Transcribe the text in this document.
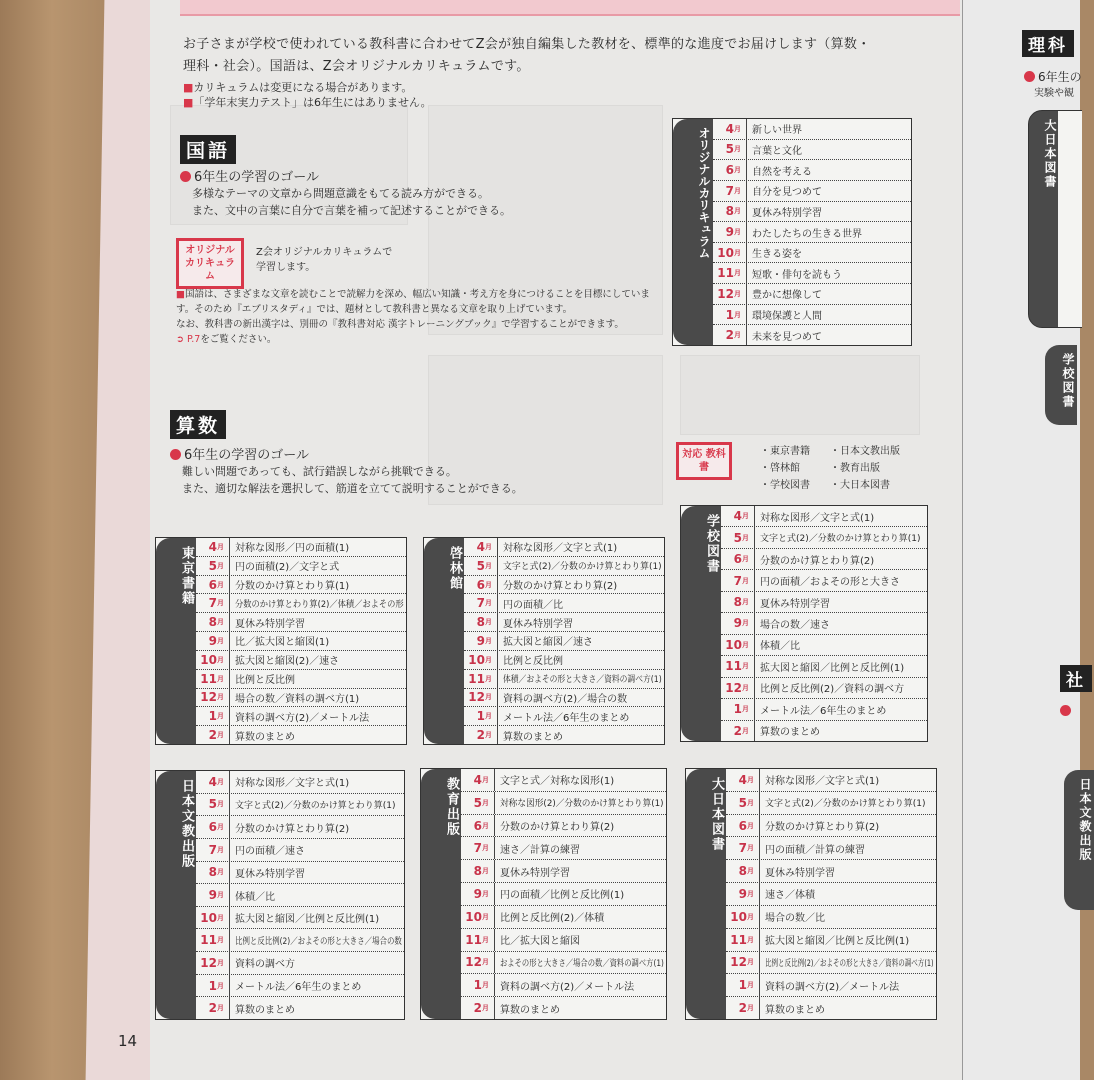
お子さまが学校で使われている教科書に合わせてZ会が独自編集した教材を、標準的な進度でお届けします（算数・
理科・社会）。国語は、Z会オリジナルカリキュラムです。
■カリキュラムは変更になる場合があります。
■「学年末実力テスト」は6年生にはありません。
国語
6年生の学習のゴール
多様なテーマの文章から問題意識をもてる読み方ができる。
また、文中の言葉に自分で言葉を補って記述することができる。
オリジナル カリキュラム
Z会オリジナルカリキュラムで
学習します。
■国語は、さまざまな文章を読むことで読解力を深め、幅広い知識・考え方を身につけることを目標にしていま
す。そのため『エブリスタディ』では、題材として教科書と異なる文章を取り上げています。
なお、教科書の新出漢字は、別冊の『教科書対応 漢字トレーニングブック』で学習することができます。
➲ P.7をご覧ください。
算数
6年生の学習のゴール
難しい問題であっても、試行錯誤しながら挑戦できる。
また、適切な解法を選択して、筋道を立てて説明することができる。
対応 教科書
・東京書籍	・日本文教出版
・啓林館	・教育出版
・学校図書	・大日本図書
オリジナルカリキュラム 4 月	新しい世界
5 月	言葉と文化
6 月	自然を考える
7 月	自分を見つめて
8 月	夏休み特別学習
9 月	わたしたちの生きる世界
10 月	生きる姿を
11 月	短歌・俳句を読もう
12 月	豊かに想像して
1 月	環境保護と人間
2 月	未来を見つめて
東京書籍 4 月	対称な図形／円の面積(1)
5 月	円の面積(2)／文字と式
6 月	分数のかけ算とわり算(1)
7 月	分数のかけ算とわり算(2)／体積／およその形
8 月	夏休み特別学習
9 月	比／拡大図と縮図(1)
10 月	拡大図と縮図(2)／速さ
11 月	比例と反比例
12 月	場合の数／資料の調べ方(1)
1 月	資料の調べ方(2)／メートル法
2 月	算数のまとめ
啓林館 4 月	対称な図形／文字と式(1)
5 月	文字と式(2)／分数のかけ算とわり算(1)
6 月	分数のかけ算とわり算(2)
7 月	円の面積／比
8 月	夏休み特別学習
9 月	拡大図と縮図／速さ
10 月	比例と反比例
11 月	体積／およその形と大きさ／資料の調べ方(1)
12 月	資料の調べ方(2)／場合の数
1 月	メートル法／6年生のまとめ
2 月	算数のまとめ
学校図書 4 月	対称な図形／文字と式(1)
5 月	文字と式(2)／分数のかけ算とわり算(1)
6 月	分数のかけ算とわり算(2)
7 月	円の面積／およその形と大きさ
8 月	夏休み特別学習
9 月	場合の数／速さ
10 月	体積／比
11 月	拡大図と縮図／比例と反比例(1)
12 月	比例と反比例(2)／資料の調べ方
1 月	メートル法／6年生のまとめ
2 月	算数のまとめ
日本文教出版 4 月	対称な図形／文字と式(1)
5 月	文字と式(2)／分数のかけ算とわり算(1)
6 月	分数のかけ算とわり算(2)
7 月	円の面積／速さ
8 月	夏休み特別学習
9 月	体積／比
10 月	拡大図と縮図／比例と反比例(1)
11 月	比例と反比例(2)／およその形と大きさ／場合の数
12 月	資料の調べ方
1 月	メートル法／6年生のまとめ
2 月	算数のまとめ
教育出版 4 月	文字と式／対称な図形(1)
5 月	対称な図形(2)／分数のかけ算とわり算(1)
6 月	分数のかけ算とわり算(2)
7 月	速さ／計算の練習
8 月	夏休み特別学習
9 月	円の面積／比例と反比例(1)
10 月	比例と反比例(2)／体積
11 月	比／拡大図と縮図
12 月	およその形と大きさ／場合の数／資料の調べ方(1)
1 月	資料の調べ方(2)／メートル法
2 月	算数のまとめ
大日本図書 4 月	対称な図形／文字と式(1)
5 月	文字と式(2)／分数のかけ算とわり算(1)
6 月	分数のかけ算とわり算(2)
7 月	円の面積／計算の練習
8 月	夏休み特別学習
9 月	速さ／体積
10 月	場合の数／比
11 月	拡大図と縮図／比例と反比例(1)
12 月	比例と反比例(2)／およその形と大きさ／資料の調べ方(1)
1 月	資料の調べ方(2)／メートル法
2 月	算数のまとめ
理科
6年生の
実験や観
大日本図書
学校図書
社
日本文教出版
14
